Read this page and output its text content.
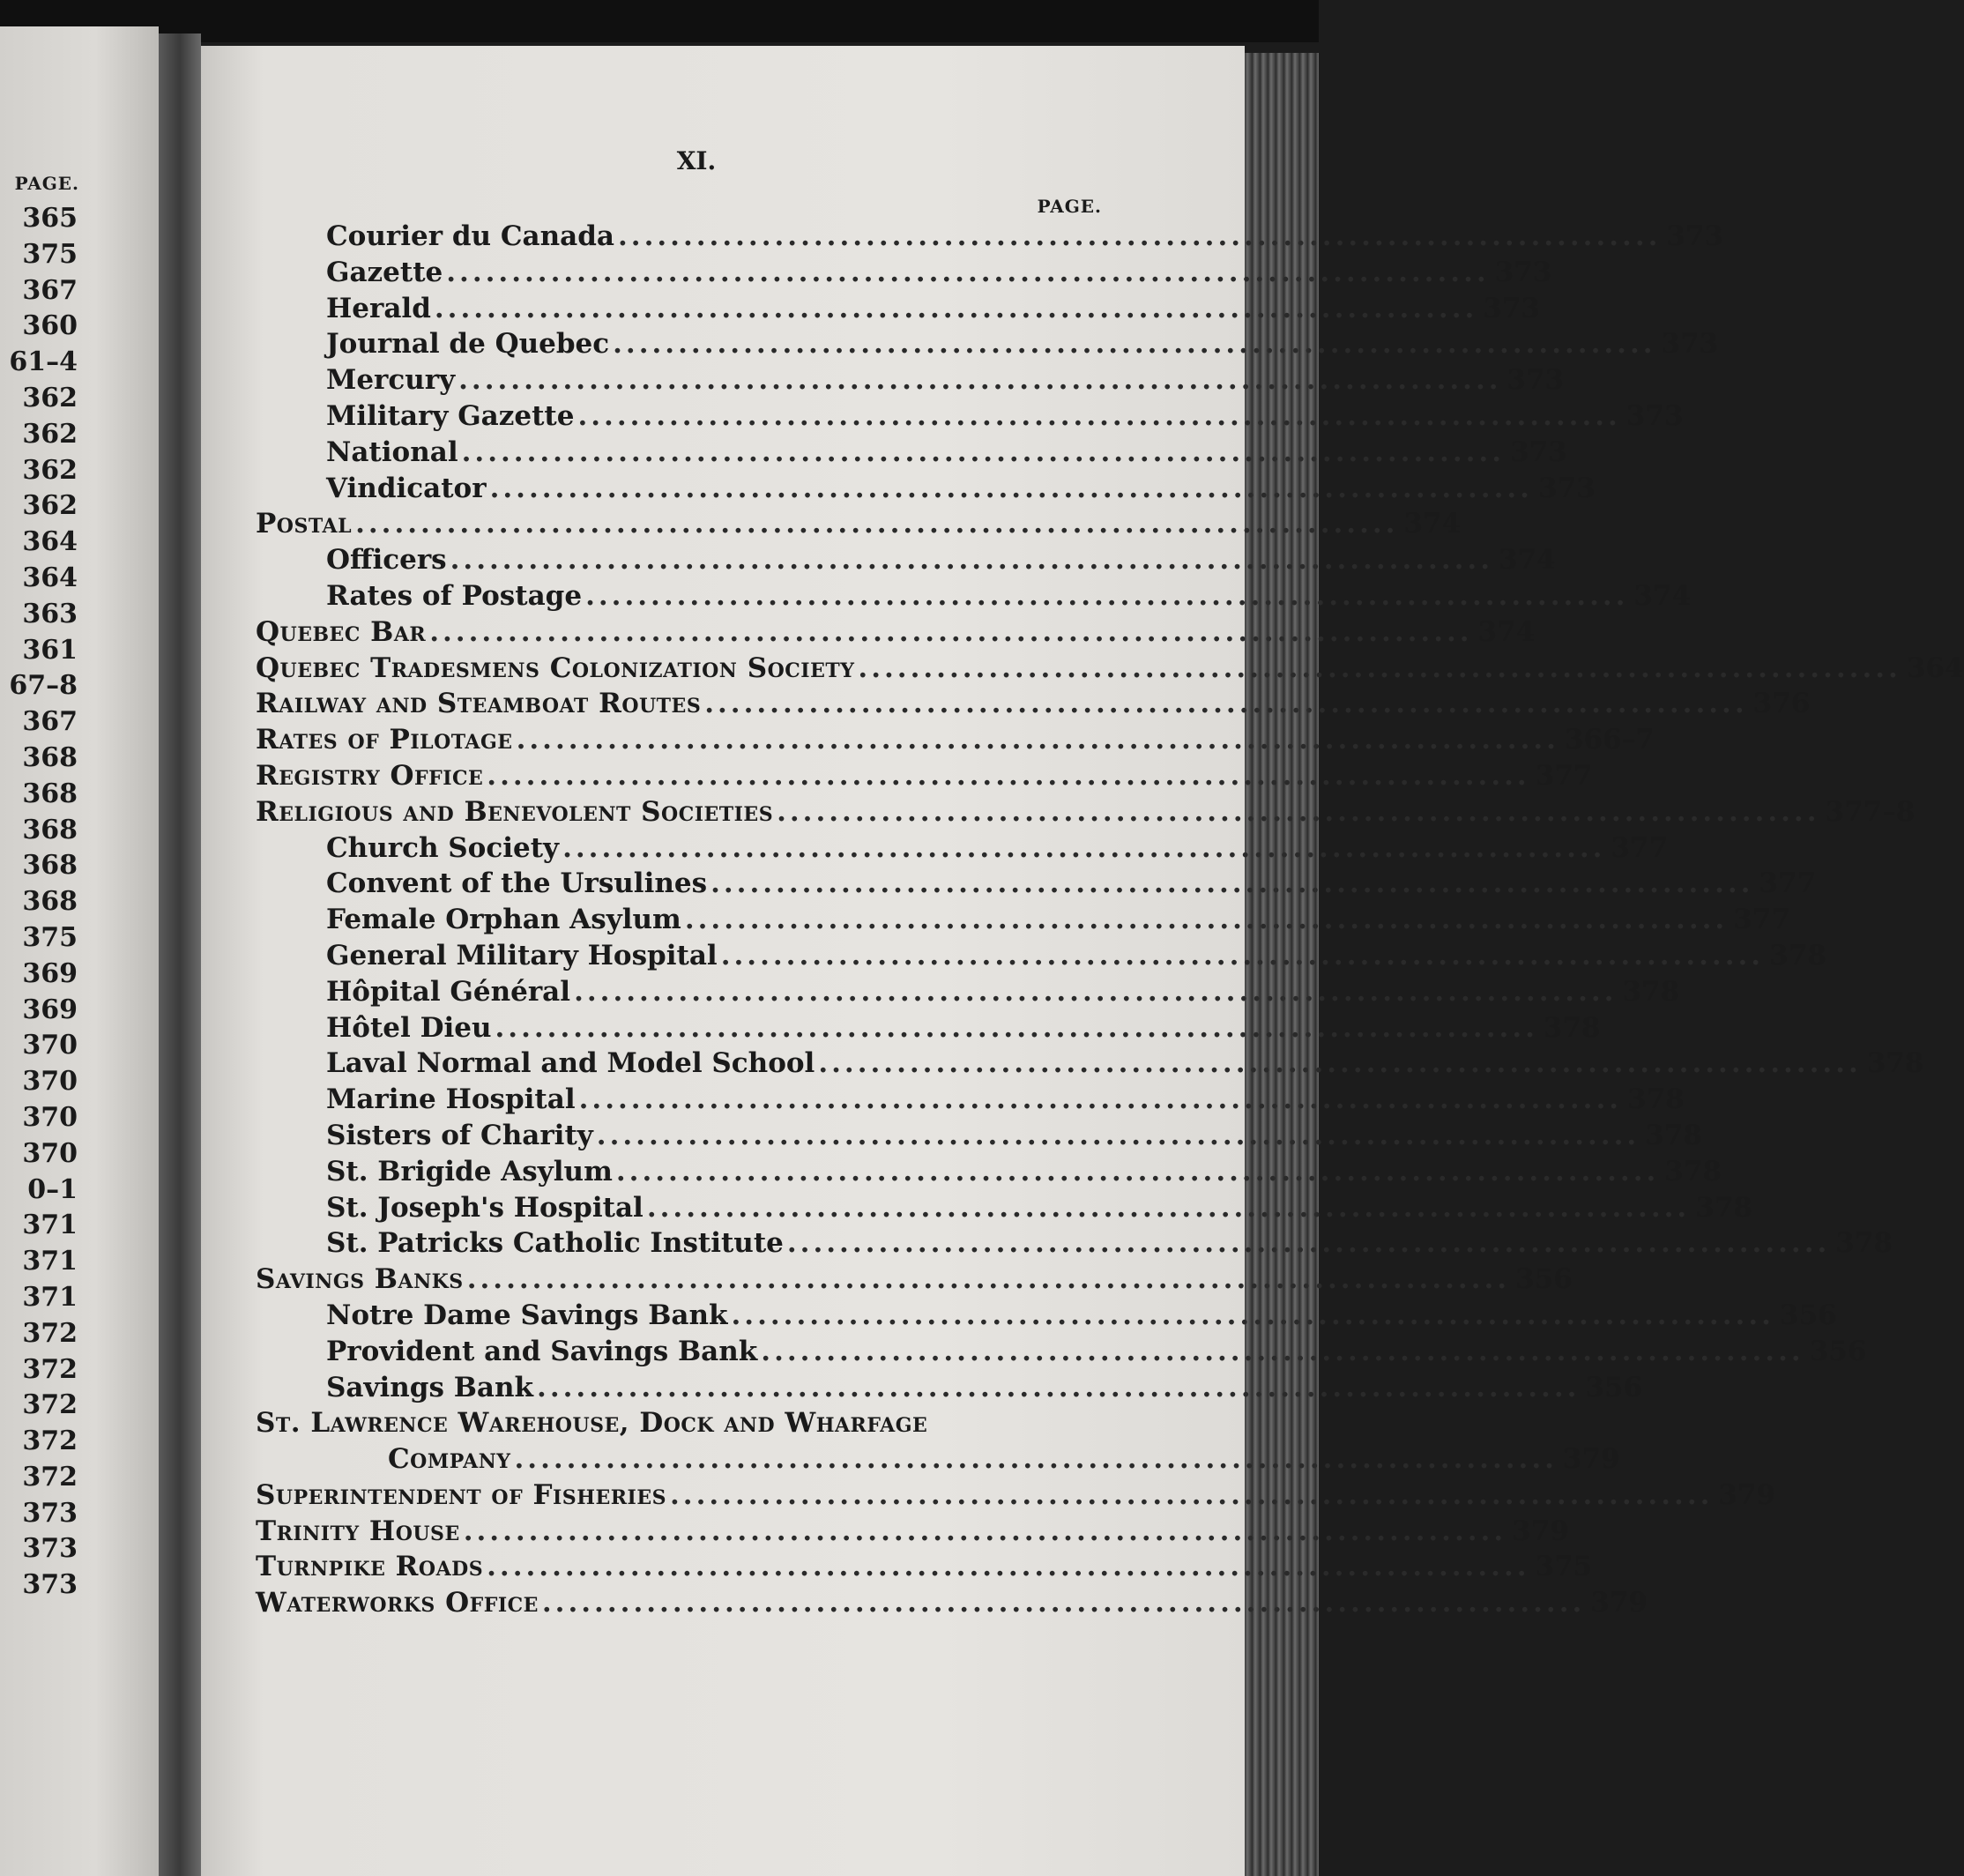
PAGE.
365
375
367
360
61–4
362
362
362
362
364
364
363
361
67–8
367
368
368
368
368
368
375
369
369
370
370
370
370
0–1
371
371
371
372
372
372
372
372
373
373
373
XI.
PAGE.
Courier du Canada ................................................................................ 373
Gazette ................................................................................ 373
Herald ................................................................................ 373
Journal de Quebec ................................................................................ 373
Mercury ................................................................................ 373
Military Gazette ................................................................................ 373
National ................................................................................ 373
Vindicator ................................................................................ 373
Postal ................................................................................ 374
Officers ................................................................................ 374
Rates of Postage ................................................................................ 374
Quebec Bar ................................................................................ 374
Quebec Tradesmens Colonization Society ................................................................................ 364
Railway and Steamboat Routes ................................................................................ 376
Rates of Pilotage ................................................................................ 366–7
Registry Office ................................................................................ 377
Religious and Benevolent Societies ................................................................................ 377–8
Church Society ................................................................................ 377
Convent of the Ursulines ................................................................................ 377
Female Orphan Asylum ................................................................................ 377
General Military Hospital ................................................................................ 378
Hôpital Général ................................................................................ 378
Hôtel Dieu ................................................................................ 378
Laval Normal and Model School ................................................................................ 378
Marine Hospital ................................................................................ 378
Sisters of Charity ................................................................................ 378
St. Brigide Asylum ................................................................................ 378
St. Joseph's Hospital ................................................................................ 378
St. Patricks Catholic Institute ................................................................................ 378
Savings Banks ................................................................................ 356
Notre Dame Savings Bank ................................................................................ 356
Provident and Savings Bank ................................................................................ 356
Savings Bank ................................................................................ 356
St. Lawrence Warehouse, Dock and Wharfage
Company ................................................................................ 379
Superintendent of Fisheries ................................................................................ 379
Trinity House ................................................................................ 379
Turnpike Roads ................................................................................ 375
Waterworks Office ................................................................................ 379
